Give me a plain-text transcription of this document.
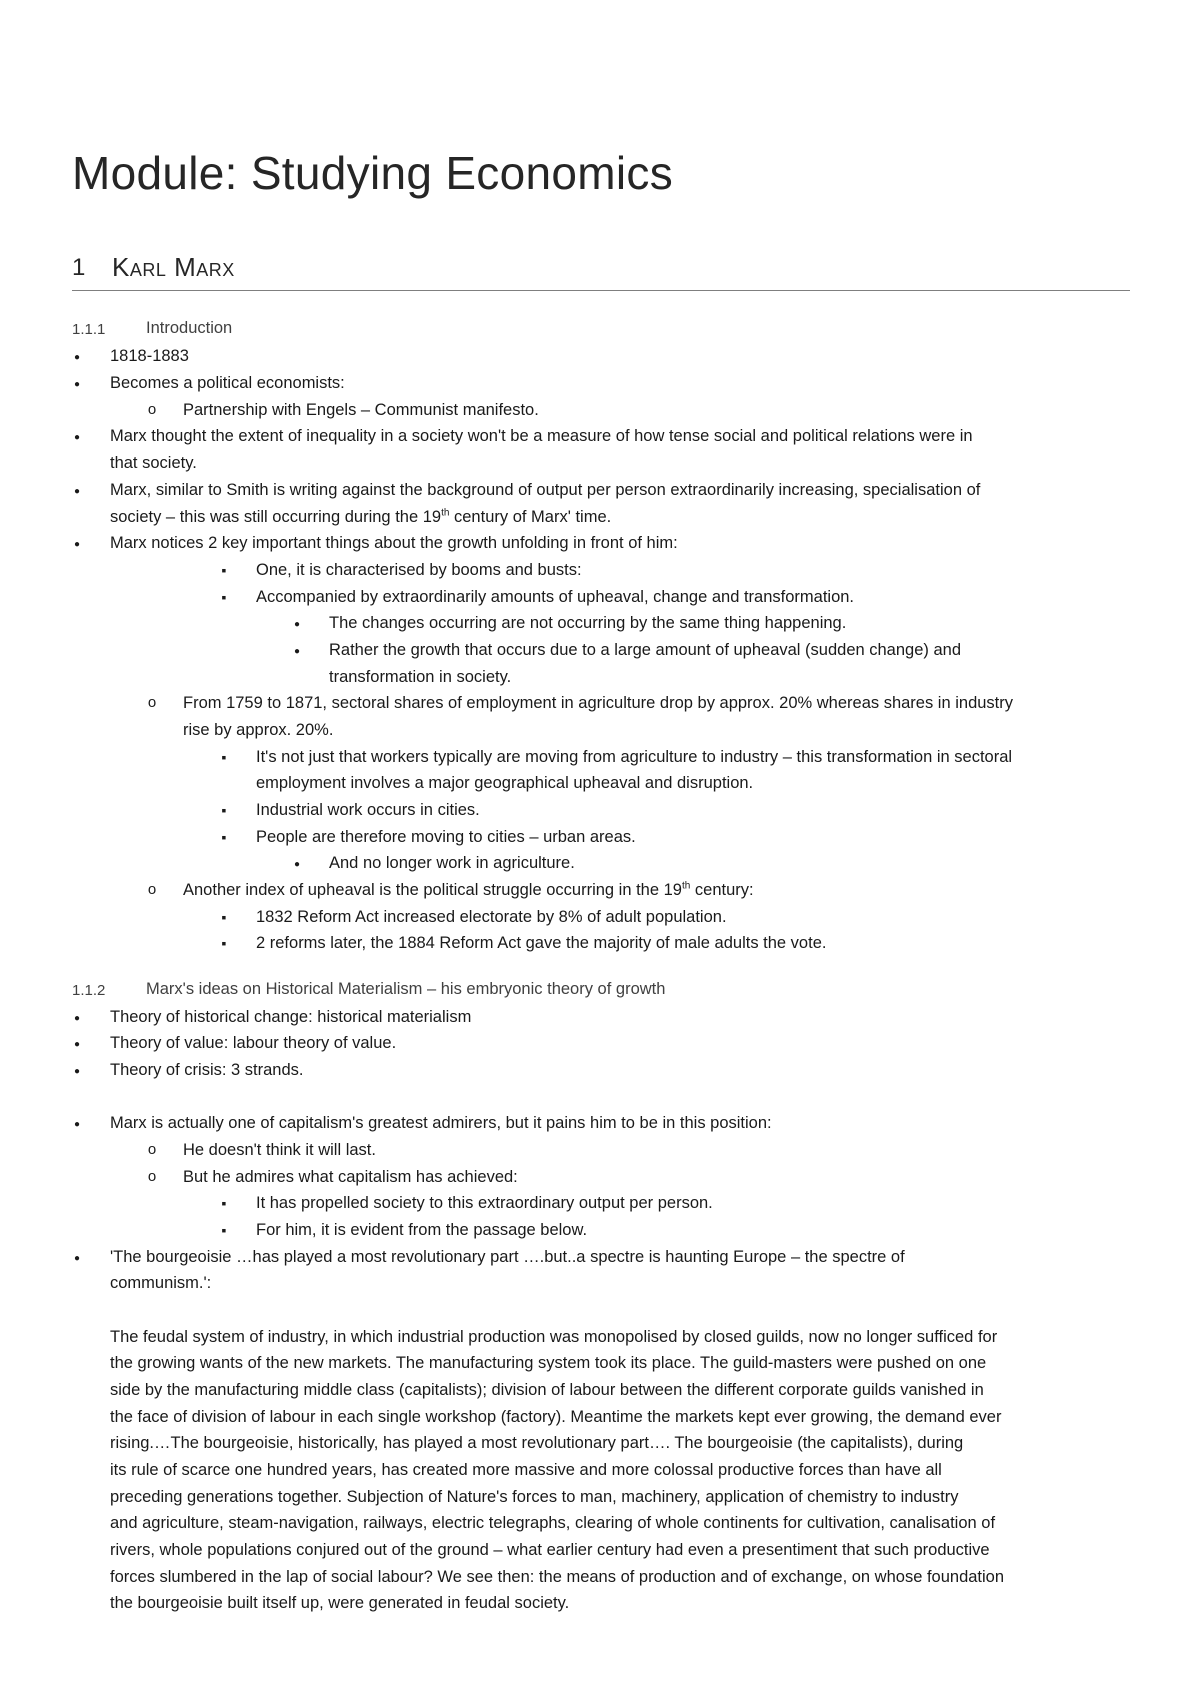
Module: Studying Economics
1 Karl Marx
1.1.1 Introduction
●
1818-1883
●
Becomes a political economists:
o
Partnership with Engels – Communist manifesto.
●
Marx thought the extent of inequality in a society won't be a measure of how tense social and political relations were in
that society.
●
Marx, similar to Smith is writing against the background of output per person extraordinarily increasing, specialisation of
society – this was still occurring during the 19th century of Marx' time.
●
Marx notices 2 key important things about the growth unfolding in front of him:
▪
One, it is characterised by booms and busts:
▪
Accompanied by extraordinarily amounts of upheaval, change and transformation.
●
The changes occurring are not occurring by the same thing happening.
●
Rather the growth that occurs due to a large amount of upheaval (sudden change) and
transformation in society.
o
From 1759 to 1871, sectoral shares of employment in agriculture drop by approx. 20% whereas shares in industry
rise by approx. 20%.
▪
It's not just that workers typically are moving from agriculture to industry – this transformation in sectoral
employment involves a major geographical upheaval and disruption.
▪
Industrial work occurs in cities.
▪
People are therefore moving to cities – urban areas.
●
And no longer work in agriculture.
o
Another index of upheaval is the political struggle occurring in the 19th century:
▪
1832 Reform Act increased electorate by 8% of adult population.
▪
2 reforms later, the 1884 Reform Act gave the majority of male adults the vote.
1.1.2 Marx's ideas on Historical Materialism – his embryonic theory of growth
●
Theory of historical change: historical materialism
●
Theory of value: labour theory of value.
●
Theory of crisis: 3 strands.
●
Marx is actually one of capitalism's greatest admirers, but it pains him to be in this position:
o
He doesn't think it will last.
o
But he admires what capitalism has achieved:
▪
It has propelled society to this extraordinary output per person.
▪
For him, it is evident from the passage below.
●
'The bourgeoisie …has played a most revolutionary part ….but..a spectre is haunting Europe – the spectre of
communism.':
The feudal system of industry, in which industrial production was monopolised by closed guilds, now no longer sufficed for
the growing wants of the new markets. The manufacturing system took its place. The guild-masters were pushed on one
side by the manufacturing middle class (capitalists); division of labour between the different corporate guilds vanished in
the face of division of labour in each single workshop (factory). Meantime the markets kept ever growing, the demand ever
rising.…The bourgeoisie, historically, has played a most revolutionary part…. The bourgeoisie (the capitalists), during
its rule of scarce one hundred years, has created more massive and more colossal productive forces than have all
preceding generations together. Subjection of Nature's forces to man, machinery, application of chemistry to industry
and agriculture, steam-navigation, railways, electric telegraphs, clearing of whole continents for cultivation, canalisation of
rivers, whole populations conjured out of the ground – what earlier century had even a presentiment that such productive
forces slumbered in the lap of social labour? We see then: the means of production and of exchange, on whose foundation
the bourgeoisie built itself up, were generated in feudal society.
